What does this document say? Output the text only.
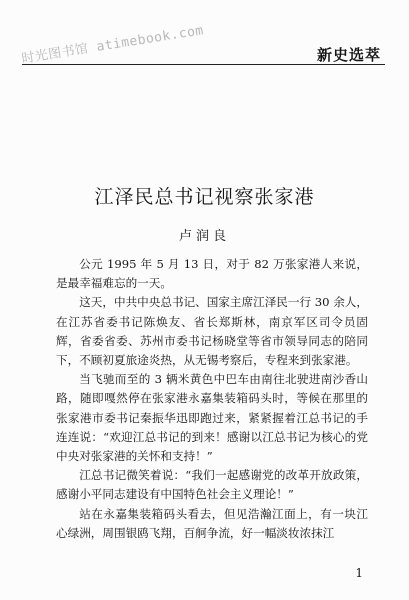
时光图书馆 atimebook.com	新史选萃
江泽民总书记视察张家港
卢润良

公元 1995 年 5 月 13 日，对于 82 万张家港人来说，是最幸福难忘的一天。

这天，中共中央总书记、国家主席江泽民一行 30 余人，在江苏省委书记陈焕友、省长郑斯林，南京军区司令员固辉，省委省委、苏州市委书记杨晓堂等省市领导同志的陪同下，不顾初夏旅途炎热，从无锡考察后，专程来到张家港。

当飞驰而至的 3 辆米黄色中巴车由南往北驶进南沙香山路，随即嘎然停在张家港永嘉集装箱码头时，等候在那里的张家港市委书记秦振华迅即跑过来，紧紧握着江总书记的手连连说：“欢迎江总书记的到来！感谢以江总书记为核心的党中央对张家港的关怀和支持！”

江总书记微笑着说：“我们一起感谢党的改革开放政策，感谢小平同志建设有中国特色社会主义理论！”

站在永嘉集装箱码头看去，但见浩瀚江面上，有一块江心绿洲，周围银鸥飞翔，百舸争流，好一幅淡妆浓抹江

1
